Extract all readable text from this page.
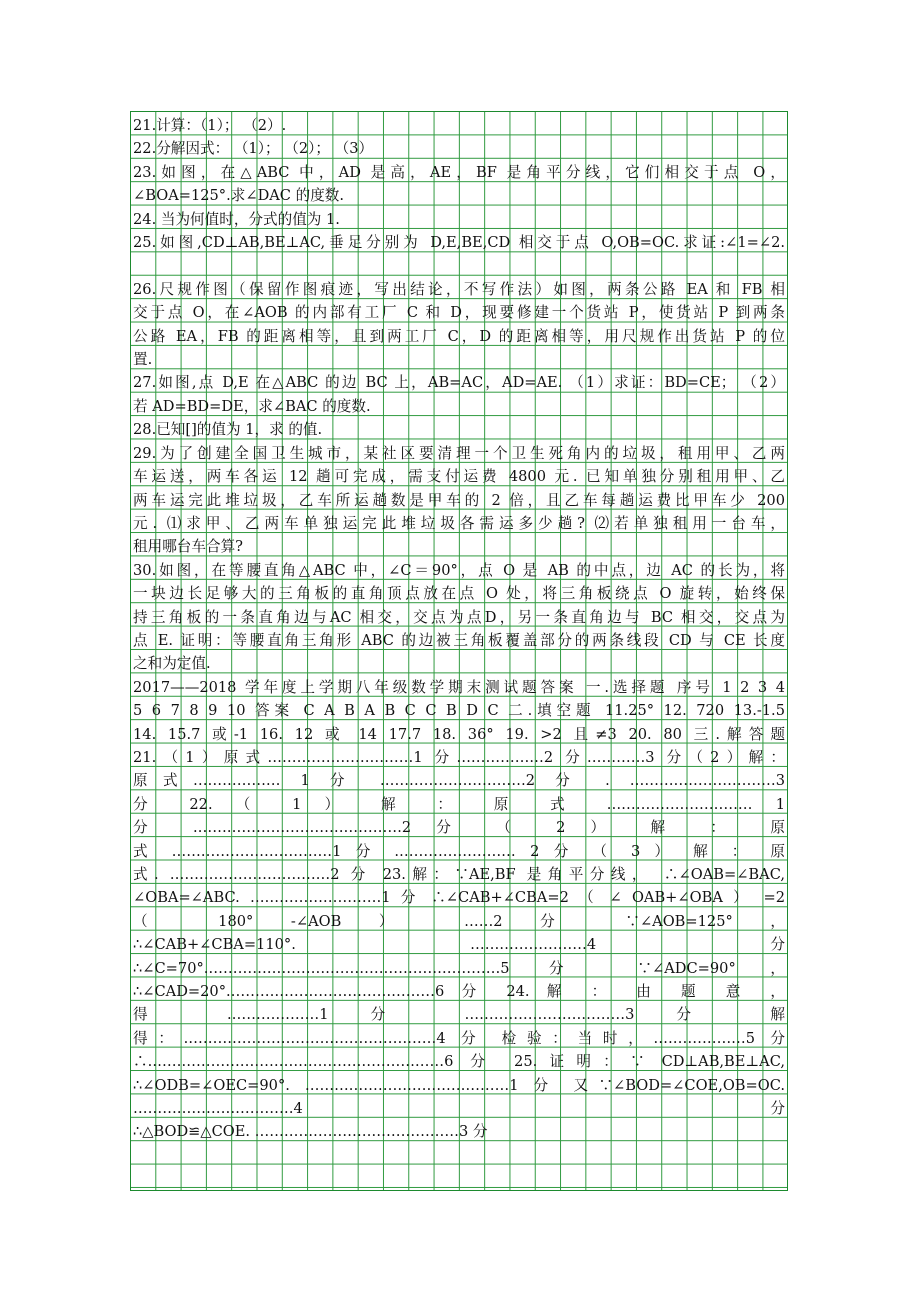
21.计算：（1）； （2）.
22.分解因式： （1）； （2）； （3）
23.如图，在△ABC 中，AD 是高，AE，BF 是角平分线，它们相交于点 O，
∠BOA=125°.求∠DAC 的度数.
24. 当为何值时，分式的值为 1.
25.如图,CD⊥AB,BE⊥AC,垂足分别为 D,E,BE,CD 相交于点 O,OB=OC.求证:∠1=∠2.

26.尺规作图（保留作图痕迹，写出结论，不写作法）如图，两条公路 EA 和 FB 相
交于点 O，在∠AOB 的内部有工厂 C 和 D，现要修建一个货站 P，使货站 P 到两条
公路 EA，FB 的距离相等，且到两工厂 C，D 的距离相等，用尺规作出货站 P 的位
置.
27.如图,点 D,E 在△ABC 的边 BC 上，AB=AC，AD=AE. （1）求证：BD=CE； （2）
若 AD=BD=DE，求∠BAC 的度数.
28.已知[]的值为 1，求 的值.
29.为了创建全国卫生城市，某社区要清理一个卫生死角内的垃圾，租用甲、乙两
车运送，两车各运 12 趟可完成，需支付运费 4800 元. 已知单独分别租用甲、乙
两车运完此堆垃圾，乙车所运趟数是甲车的 2 倍，且乙车每趟运费比甲车少 200
元. ⑴求甲、乙两车单独运完此堆垃圾各需运多少趟? ⑵若单独租用一台车，
租用哪台车合算?
30.如图，在等腰直角△ABC 中，∠C＝90°，点 O 是 AB 的中点，边 AC 的长为，将
一块边长足够大的三角板的直角顶点放在点 O 处，将三角板绕点 O 旋转，始终保
持三角板的一条直角边与AC 相交，交点为点D，另一条直角边与 BC 相交，交点为
点 E. 证明：等腰直角三角形 ABC 的边被三角板覆盖部分的两条线段 CD 与 CE 长度
之和为定值.
2017——2018 学年度上学期八年级数学期末测试题答案 一.选择题 序号 1 2 3 4
5 6 7 8 9 10 答案 C A B A B C C B D C 二.填空题 11.25° 12. 720 13.-1.5
14. 15.7 或-1 16. 12 或 14 17.7 18. 36° 19. >2 且≠3 20. 80 三.解答题
21.（1）原式…………………………1 分………………2 分…………3 分（2）解：
原式……………… 1 分 …………………………2 分 . …………………………3
分 22. （ 1 ） 解 ： 原 式 ………………………… 1
分 .……………………………………2 分 （ 2 ） 解 ： 原
式 ……………………………1 分 .…………………… 2 分 （ 3 ） 解 ： 原
式. ……………………………2 分 23.解：∵AE,BF 是角平分线， ∴∠OAB=∠BAC,
∠OBA=∠ABC. ………………………1 分 ∴∠CAB+∠CBA=2 （ ∠ OAB+∠OBA ） =2
（ 180° -∠AOB ） ……2 分 ∵∠AOB=125° ，
∴∠CAB+∠CBA=110°. ……………………4 分
∴∠C=70°.……………………………………………………5 分 ∵∠ADC=90°，
∴∠CAD=20°.……………………………………6 分 24. 解 ： 由 题 意 ，
得 .………………1 分 ……………………………3 分 解
得：.……………………………………………4 分 检验：当时，.………………5 分
∴.……………………………………………………6 分 25.证明：∵ CD⊥AB,BE⊥AC,
∴∠ODB=∠OEC=90°. ……………………………………1 分 又∵∠BOD=∠COE,OB=OC.
……………………………4 分
∴△BOD≌△COE. ……………………………………3 分
